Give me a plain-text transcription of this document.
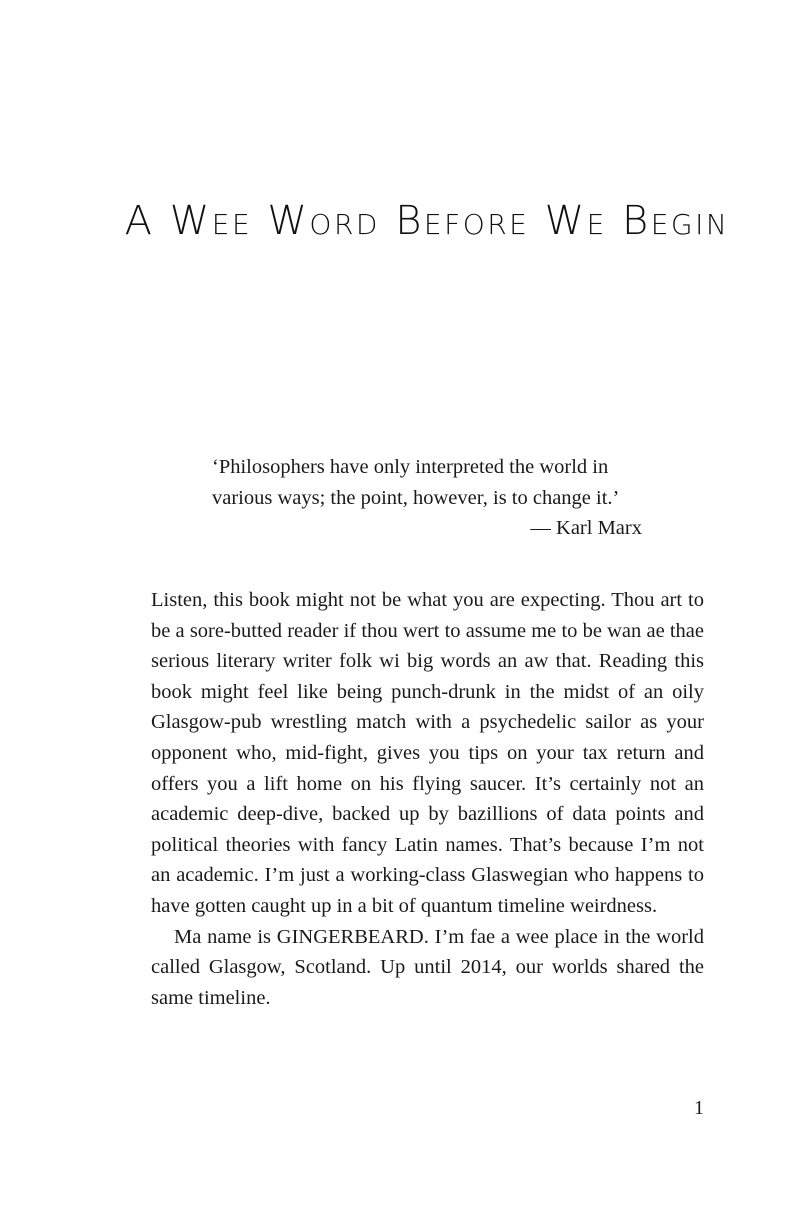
A Wee Word Before We Begin

‘Philosophers have only interpreted the world in various ways; the point, however, is to change it.’

— Karl Marx

Listen, this book might not be what you are expecting. Thou art to be a sore-butted reader if thou wert to assume me to be wan ae thae serious literary writer folk wi big words an aw that. Reading this book might feel like being punch-drunk in the midst of an oily Glasgow-pub wrestling match with a psychedelic sailor as your opponent who, mid-fight, gives you tips on your tax return and offers you a lift home on his flying saucer. It’s certainly not an academic deep-dive, backed up by bazillions of data points and political theories with fancy Latin names. That’s because I’m not an academic. I’m just a working-class Glaswegian who happens to have gotten caught up in a bit of quantum timeline weirdness.

Ma name is GINGERBEARD. I’m fae a wee place in the world called Glasgow, Scotland. Up until 2014, our worlds shared the same timeline.

1
